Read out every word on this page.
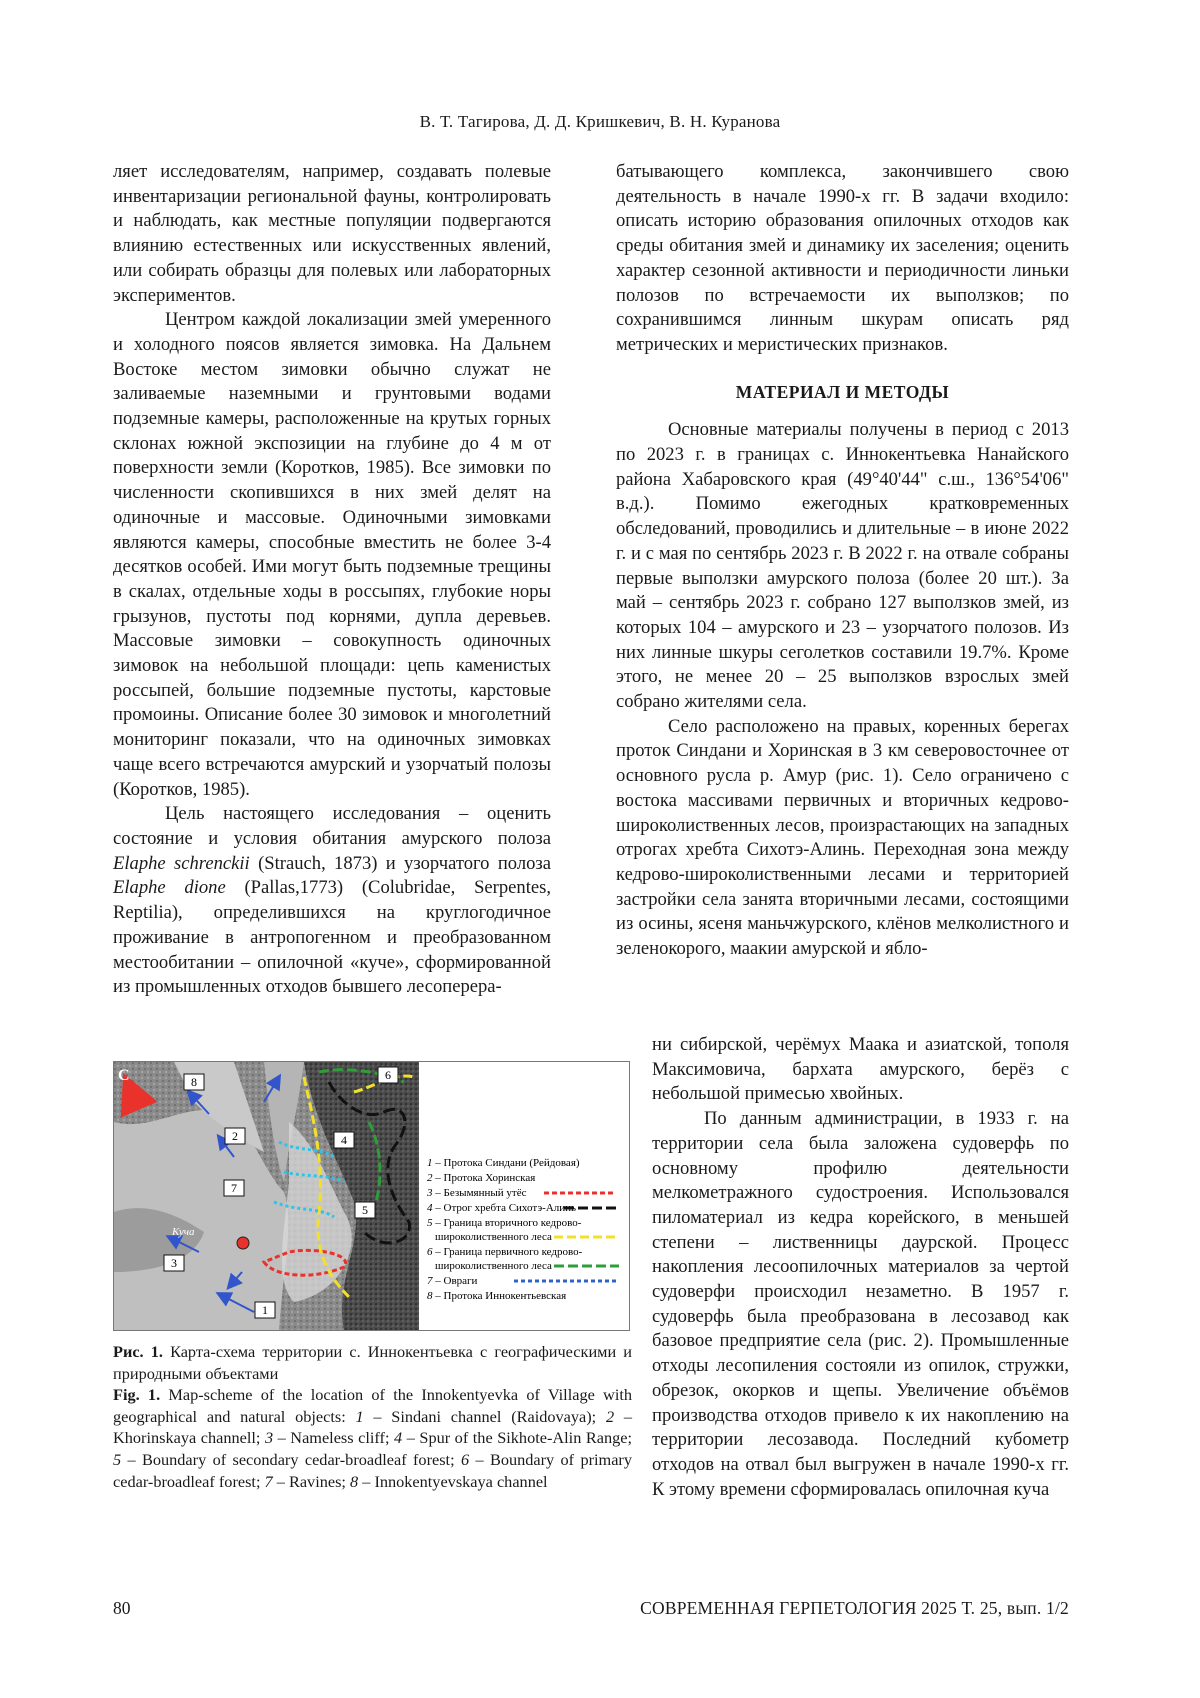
В. Т. Тагирова, Д. Д. Кришкевич, В. Н. Куранова

ляет исследователям, например, создавать полевые инвентаризации региональной фауны, контролировать и наблюдать, как местные популяции подвергаются влиянию естественных или искусственных явлений, или собирать образцы для полевых или лабораторных экспериментов.

Центром каждой локализации змей умеренного и холодного поясов является зимовка. На Дальнем Востоке местом зимовки обычно служат не заливаемые наземными и грунтовыми водами подземные камеры, расположенные на крутых горных склонах южной экспозиции на глубине до 4 м от поверхности земли (Коротков, 1985). Все зимовки по численности скопившихся в них змей делят на одиночные и массовые. Одиночными зимовками являются камеры, способные вместить не более 3-4 десятков особей. Ими могут быть подземные трещины в скалах, отдельные ходы в россыпях, глубокие норы грызунов, пустоты под корнями, дупла деревьев. Массовые зимовки – совокупность одиночных зимовок на небольшой площади: цепь каменистых россыпей, большие подземные пустоты, карстовые промоины. Описание более 30 зимовок и многолетний мониторинг показали, что на одиночных зимовках чаще всего встречаются амурский и узорчатый полозы (Коротков, 1985).

Цель настоящего исследования – оценить состояние и условия обитания амурского полоза Elaphe schrenckii (Strauch, 1873) и узорчатого полоза Elaphe dione (Pallas,1773) (Colubridae, Serpentes, Reptilia), определившихся на круглогодичное проживание в антропогенном и преобразованном местообитании – опилочной «куче», сформированной из промышленных отходов бывшего лесоперера-

батывающего комплекса, закончившего свою деятельность в начале 1990-х гг. В задачи входило: описать историю образования опилочных отходов как среды обитания змей и динамику их заселения; оценить характер сезонной активности и периодичности линьки полозов по встречаемости их выползков; по сохранившимся линным шкурам описать ряд метрических и меристических признаков.

МАТЕРИАЛ И МЕТОДЫ

Основные материалы получены в период с 2013 по 2023 г. в границах с. Иннокентьевка Нанайского района Хабаровского края (49°40'44" с.ш., 136°54'06" в.д.). Помимо ежегодных кратковременных обследований, проводились и длительные – в июне 2022 г. и с мая по сентябрь 2023 г. В 2022 г. на отвале собраны первые выползки амурского полоза (более 20 шт.). За май – сентябрь 2023 г. собрано 127 выползков змей, из которых 104 – амурского и 23 – узорчатого полозов. Из них линные шкуры сеголетков составили 19.7%. Кроме этого, не менее 20 – 25 выползков взрослых змей собрано жителями села.

Село расположено на правых, коренных берегах проток Синдани и Хоринская в 3 км северовосточнее от основного русла р. Амур (рис. 1). Село ограничено с востока массивами первичных и вторичных кедрово-широколиственных лесов, произрастающих на западных отрогах хребта Сихотэ-Алинь. Переходная зона между кедрово-широколиственными лесами и территорией застройки села занята вторичными лесами, состоящими из осины, ясеня маньчжурского, клёнов мелколистного и зеленокорого, маакии амурской и ябло-

ни сибирской, черёмух Маака и азиатской, тополя Максимовича, бархата амурского, берёз с небольшой примесью хвойных.

По данным администрации, в 1933 г. на территории села была заложена судоверфь по основному профилю деятельности мелкометражного судостроения. Использовался пиломатериал из кедра корейского, в меньшей степени – лиственницы даурской. Процесс накопления лесоопилочных материалов за чертой судоверфи происходил незаметно. В 1957 г. судоверфь была преобразована в лесозавод как базовое предприятие села (рис. 2). Промышленные отходы лесопиления состояли из опилок, стружки, обрезок, окорков и щепы. Увеличение объёмов производства отходов привело к их накоплению на территории лесозавода. Последний кубометр отходов на отвал был выгружен в начале 1990-х гг. К этому времени сформировалась опилочная куча

С
Куча
1
2
3
4
5
6
7
8
1 – Протока Синдани (Рейдовая)
2 – Протока Хоринская
3 – Безымянный утёс
4 – Отрог хребта Сихотэ-Алинь
5 – Граница вторичного кедрово-
широколиственного леса
6 – Граница первичного кедрово-
широколиственного леса
7 – Овраги
8 – Протока Иннокентьевская

Рис. 1. Карта-схема территории с. Иннокентьевка с географическими и природными объектами

Fig. 1. Map-scheme of the location of the Innokentyevka of Village with geographical and natural objects: 1 – Sindani channel (Raidovaya); 2 – Khorinskaya channell; 3 – Nameless cliff; 4 – Spur of the Sikhote-Alin Range; 5 – Boundary of secondary cedar-broadleaf forest; 6 – Boundary of primary cedar-broadleaf forest; 7 – Ravines; 8 – Innokentyevskaya channel

80	СОВРЕМЕННАЯ ГЕРПЕТОЛОГИЯ 2025 Т. 25, вып. 1/2
